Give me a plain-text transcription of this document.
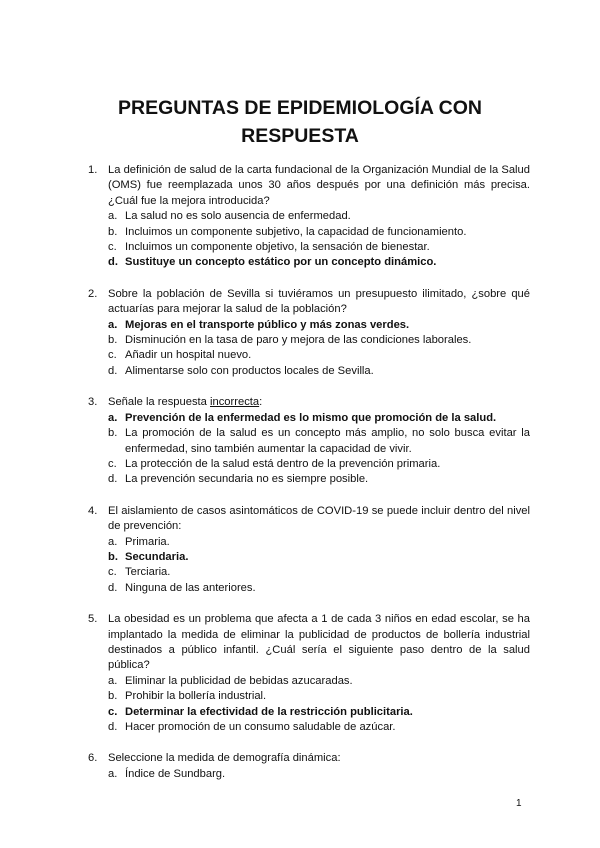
PREGUNTAS DE EPIDEMIOLOGÍA CON
RESPUESTA
1. La definición de salud de la carta fundacional de la Organización Mundial de la Salud (OMS) fue reemplazada unos 30 años después por una definición más precisa. ¿Cuál fue la mejora introducida?

a. La salud no es solo ausencia de enfermedad.
b. Incluimos un componente subjetivo, la capacidad de funcionamiento.
c. Incluimos un componente objetivo, la sensación de bienestar.
d. Sustituye un concepto estático por un concepto dinámico.
2. Sobre la población de Sevilla si tuviéramos un presupuesto ilimitado, ¿sobre qué actuarías para mejorar la salud de la población?

a. Mejoras en el transporte público y más zonas verdes.
b. Disminución en la tasa de paro y mejora de las condiciones laborales.
c. Añadir un hospital nuevo.
d. Alimentarse solo con productos locales de Sevilla.
3. Señale la respuesta incorrecta:

a. Prevención de la enfermedad es lo mismo que promoción de la salud.
b. La promoción de la salud es un concepto más amplio, no solo busca evitar la enfermedad, sino también aumentar la capacidad de vivir.
c. La protección de la salud está dentro de la prevención primaria.
d. La prevención secundaria no es siempre posible.
4. El aislamiento de casos asintomáticos de COVID-19 se puede incluir dentro del nivel de prevención:

a. Primaria.
b. Secundaria.
c. Terciaria.
d. Ninguna de las anteriores.
5. La obesidad es un problema que afecta a 1 de cada 3 niños en edad escolar, se ha implantado la medida de eliminar la publicidad de productos de bollería industrial destinados a público infantil. ¿Cuál sería el siguiente paso dentro de la salud pública?

a. Eliminar la publicidad de bebidas azucaradas.
b. Prohibir la bollería industrial.
c. Determinar la efectividad de la restricción publicitaria.
d. Hacer promoción de un consumo saludable de azúcar.
6. Seleccione la medida de demografía dinámica:

a. Índice de Sundbarg.
1
